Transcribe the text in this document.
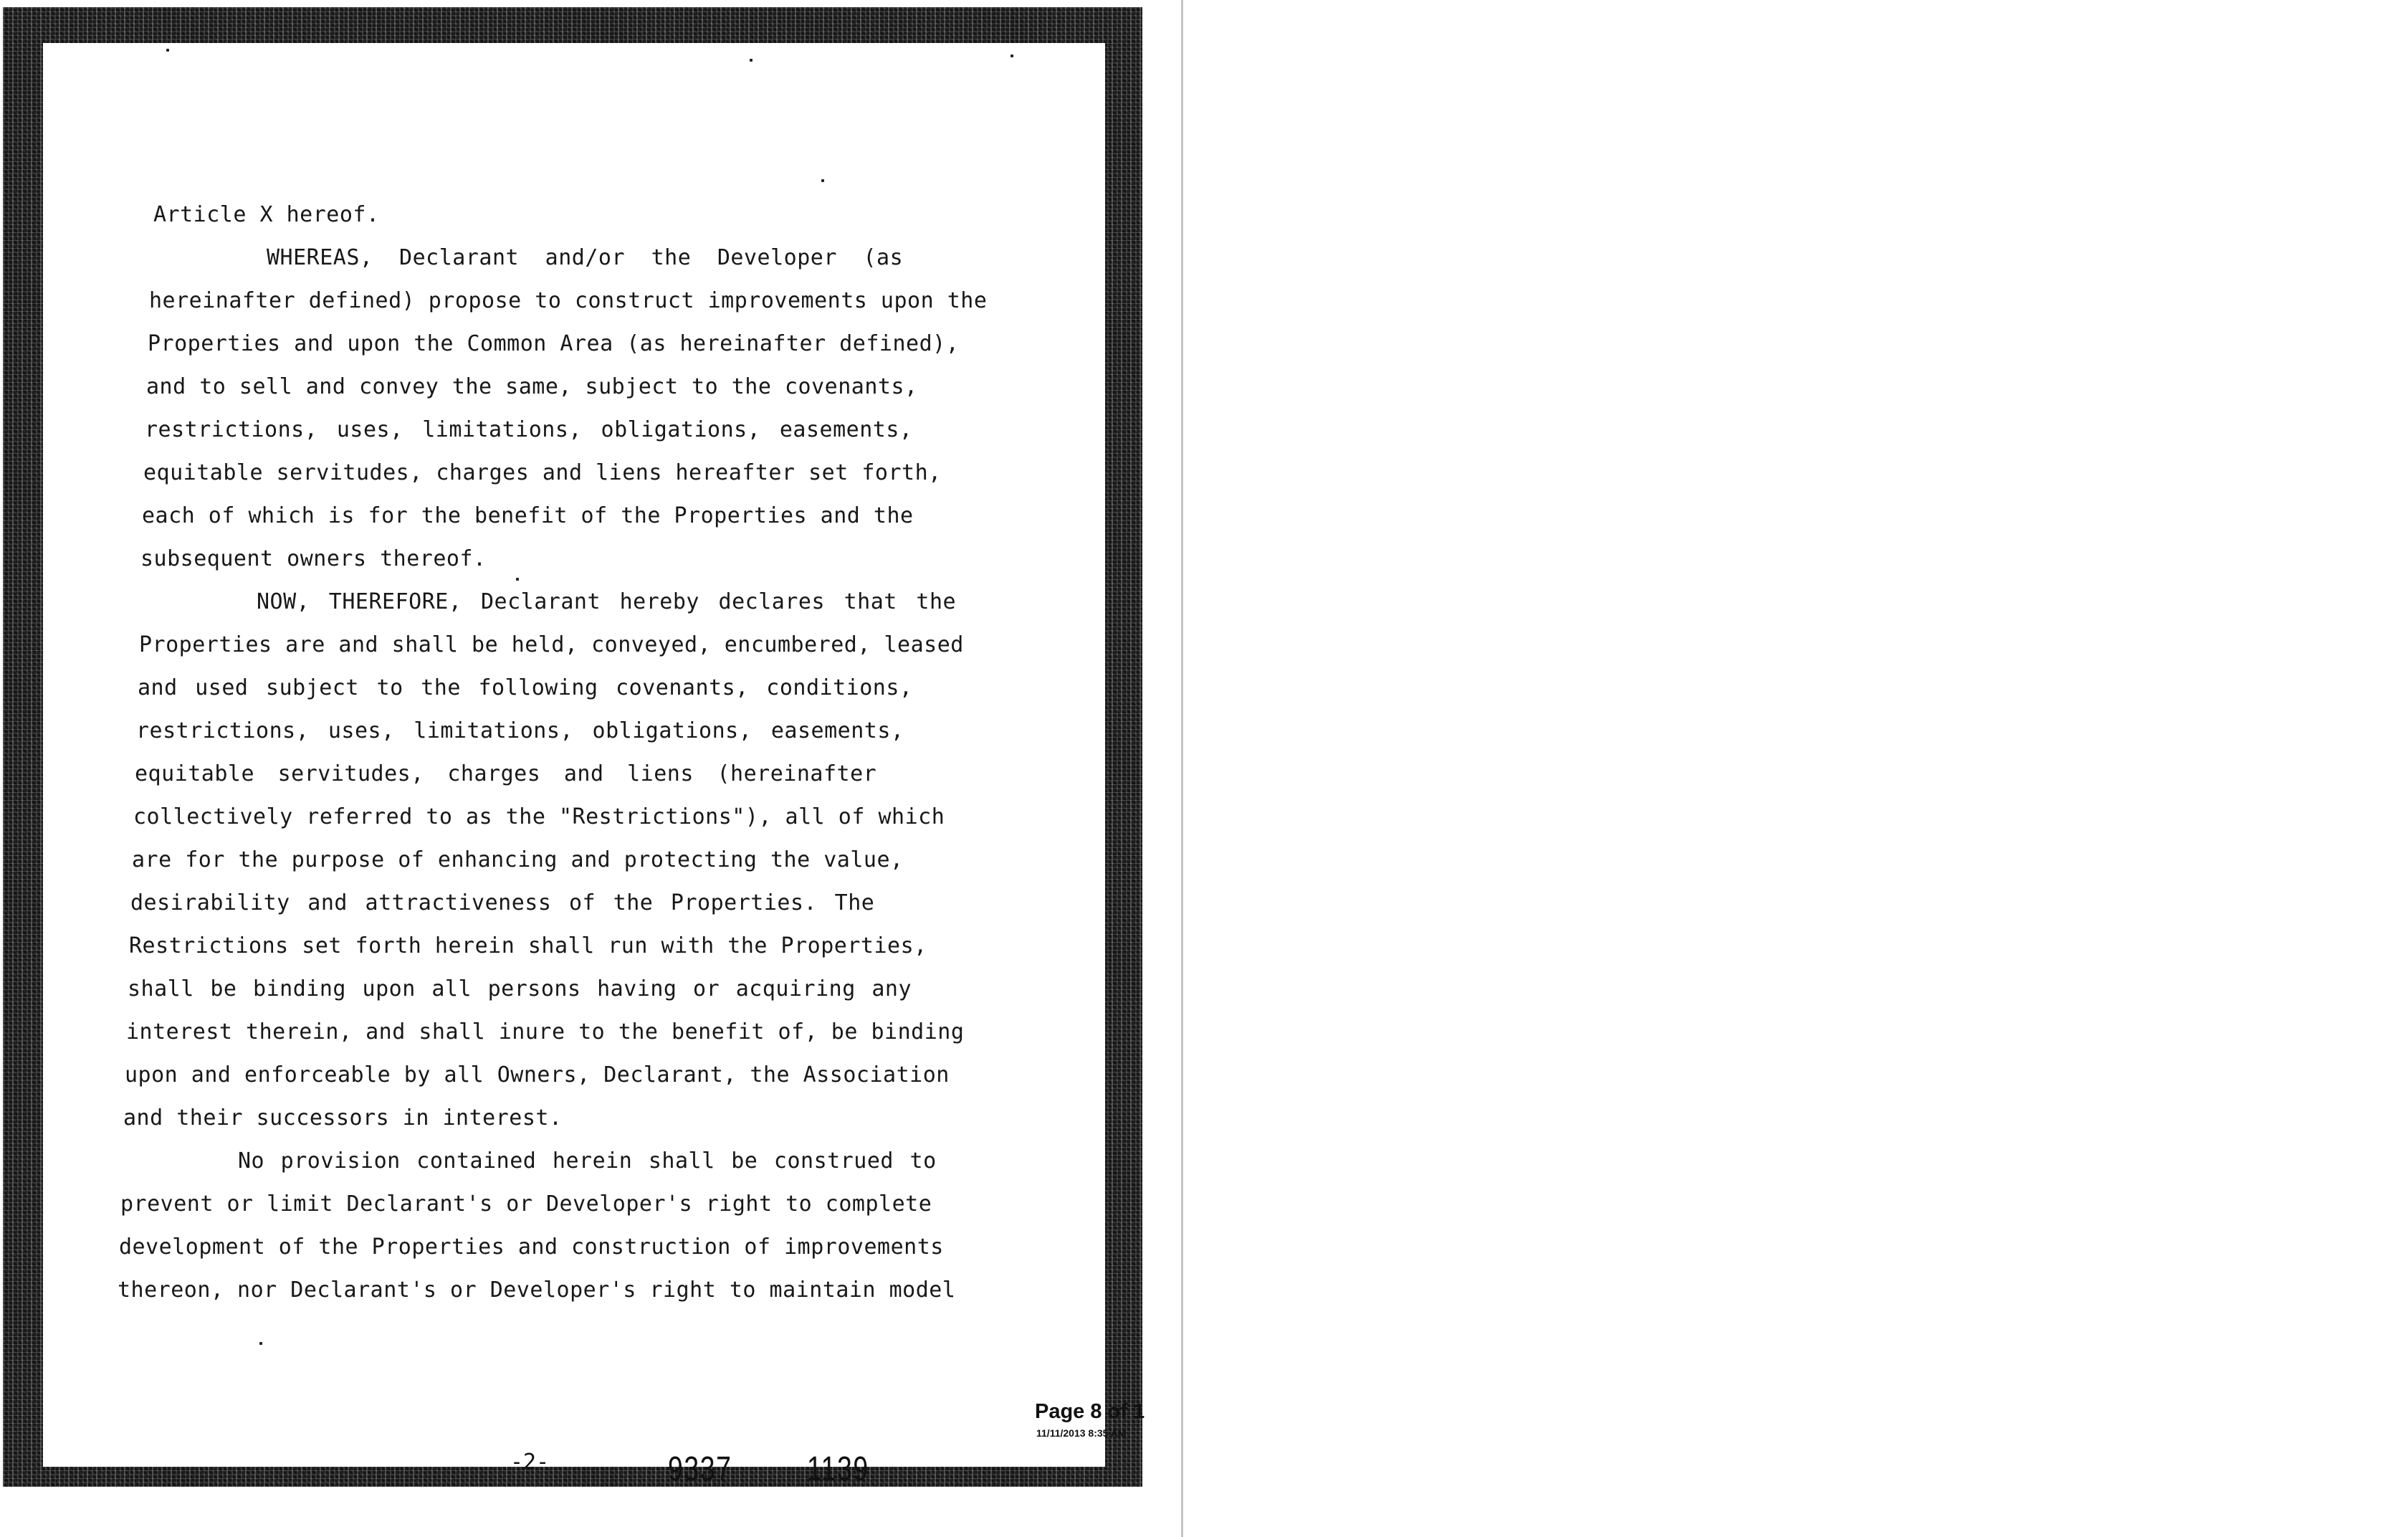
Article X hereof.
WHEREAS, Declarant and/or the Developer (as
hereinafter defined) propose to construct improvements upon the
Properties and upon the Common Area (as hereinafter defined),
and to sell and convey the same, subject to the covenants,
restrictions, uses, limitations, obligations, easements,
equitable servitudes, charges and liens hereafter set forth,
each of which is for the benefit of the Properties and the
subsequent owners thereof.
NOW, THEREFORE, Declarant hereby declares that the
Properties are and shall be held, conveyed, encumbered, leased
and used subject to the following covenants, conditions,
restrictions, uses, limitations, obligations, easements,
equitable servitudes, charges and liens (hereinafter
collectively referred to as the "Restrictions"), all of which
are for the purpose of enhancing and protecting the value,
desirability and attractiveness of the Properties. The
Restrictions set forth herein shall run with the Properties,
shall be binding upon all persons having or acquiring any
interest therein, and shall inure to the benefit of, be binding
upon and enforceable by all Owners, Declarant, the Association
and their successors in interest.
No provision contained herein shall be construed to
prevent or limit Declarant's or Developer's right to complete
development of the Properties and construction of improvements
thereon, nor Declarant's or Developer's right to maintain model
Page 8 of 1
11/11/2013 8:35 AM
-2-	9337 1139
